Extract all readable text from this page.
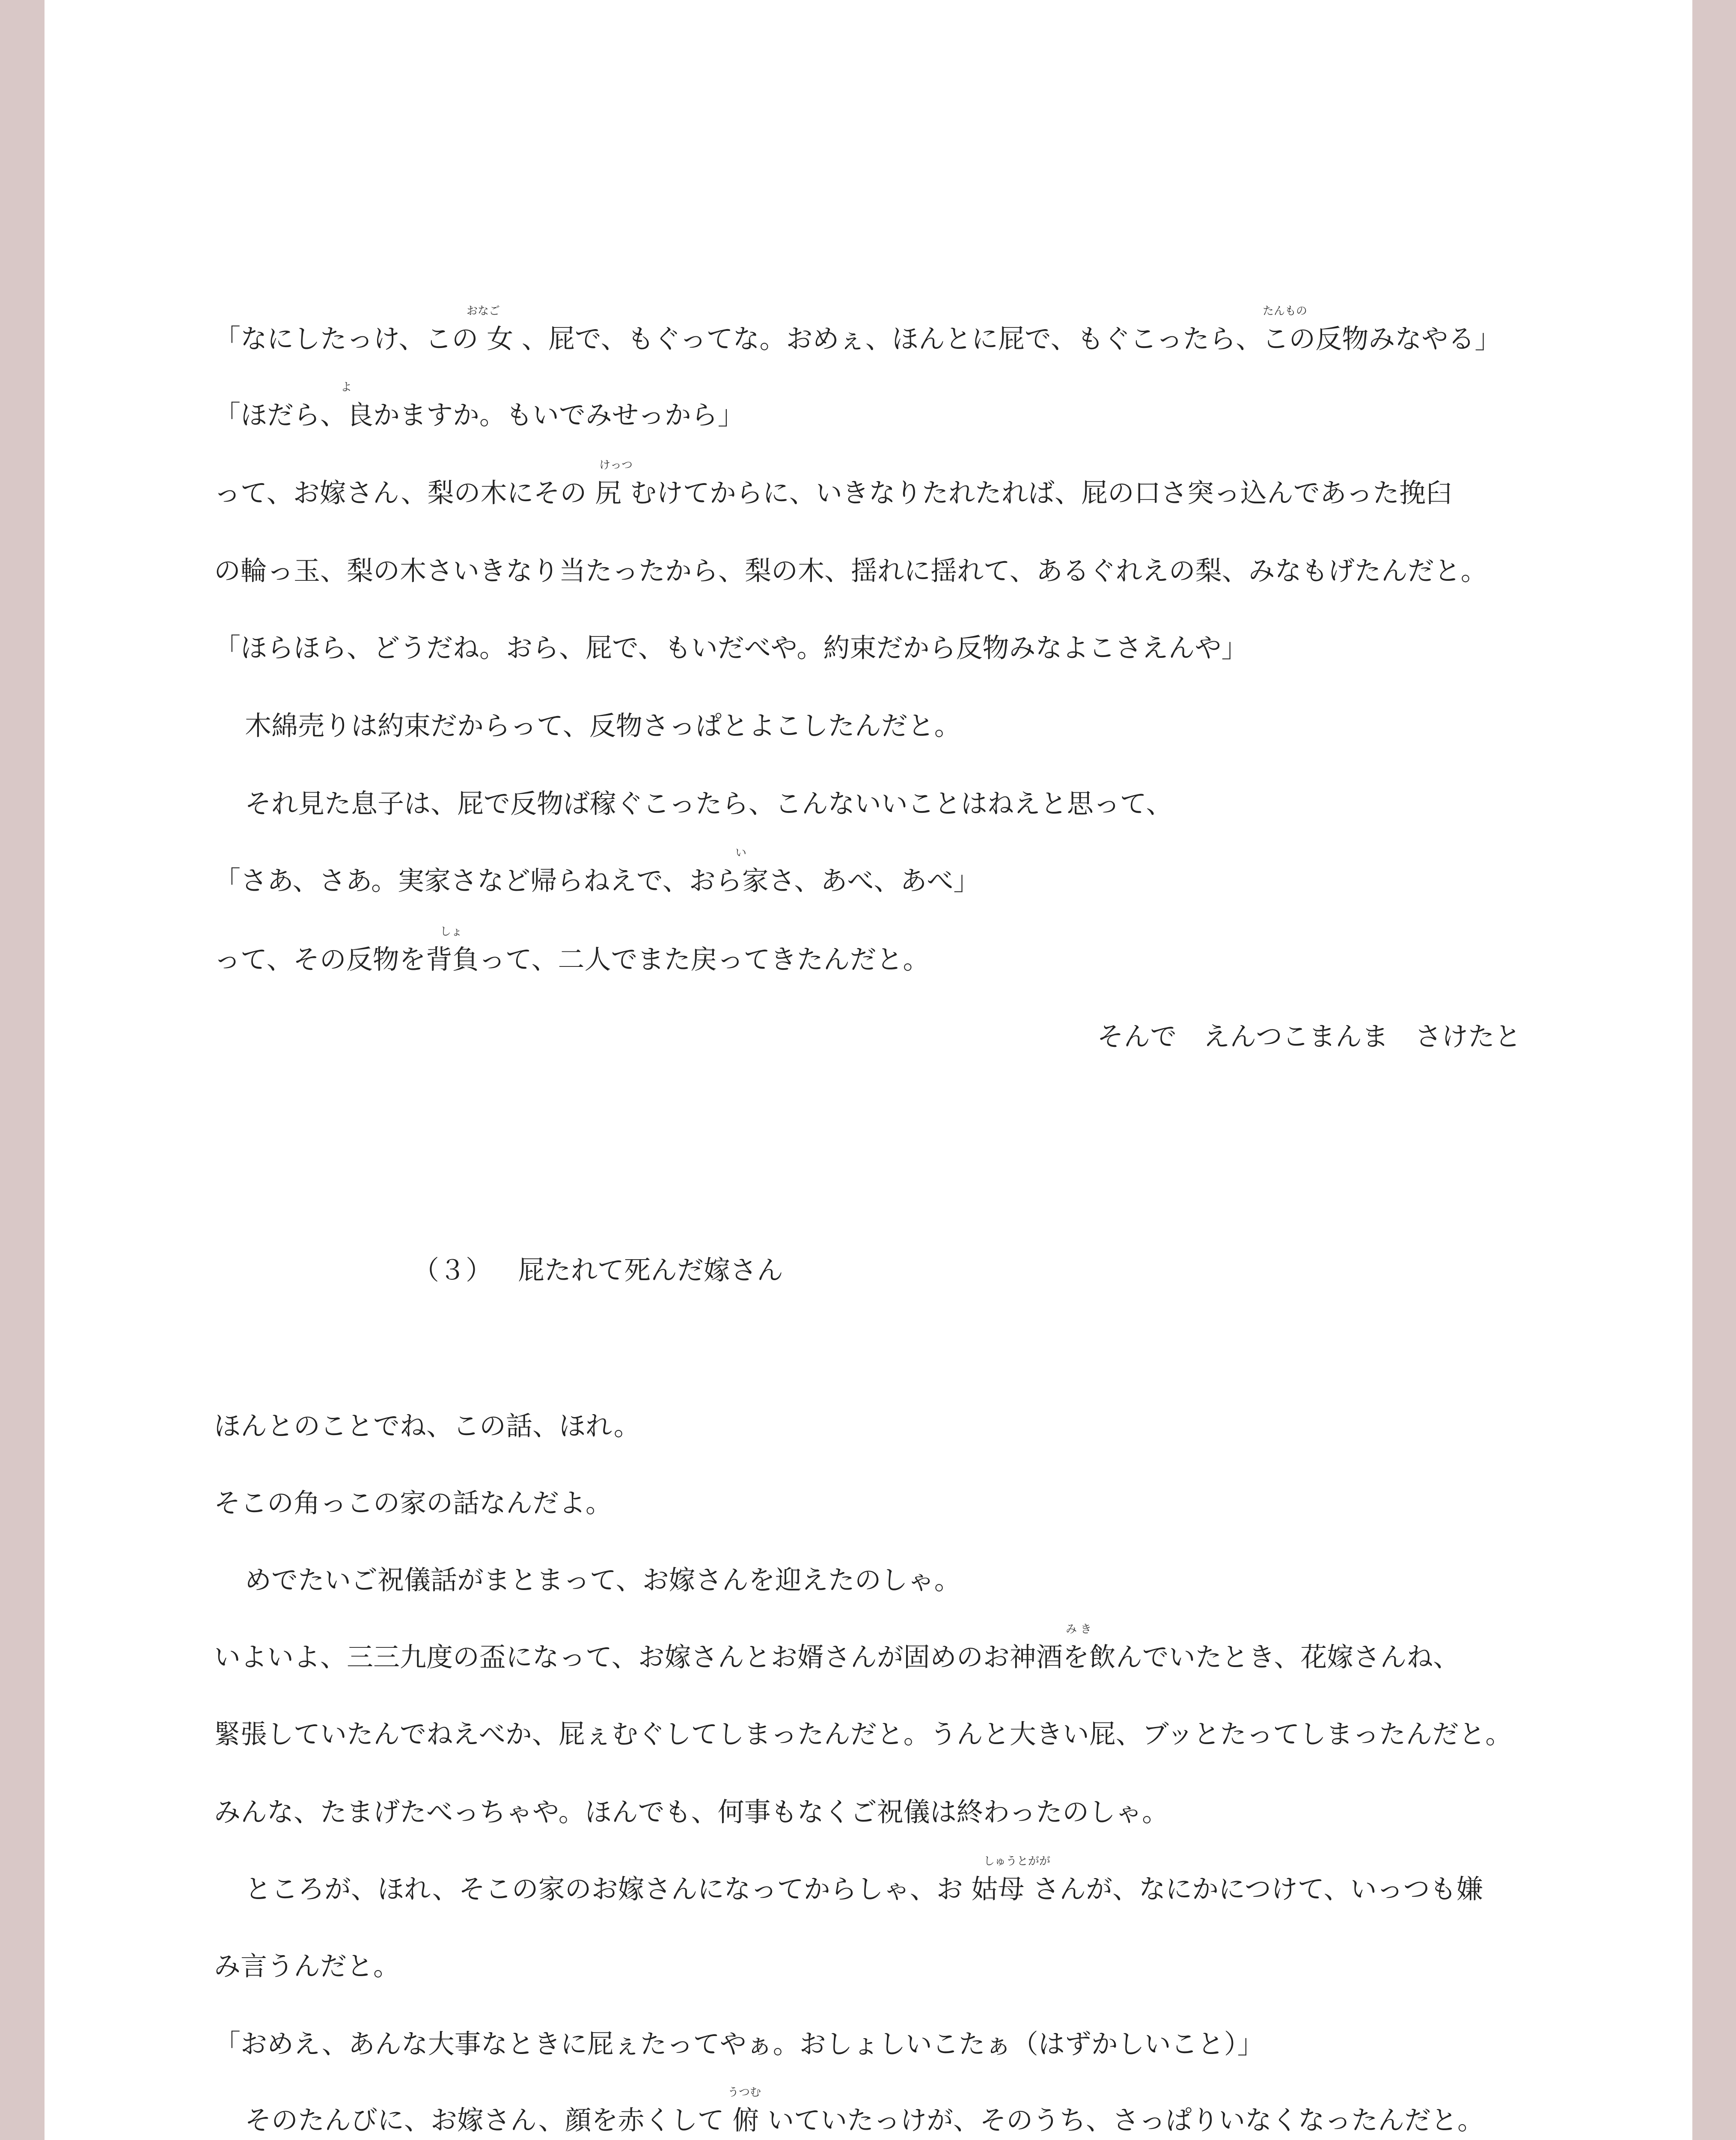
おなご	たんもの

「なにしたっけ、この 女 、屁で、もぐってな。おめぇ、ほんとに屁で、もぐこったら、この反物みなやる」

よ

「ほだら、良かますか。もいでみせっから」

けっつ

って、お嫁さん、梨の木にその 尻 むけてからに、いきなりたれたれば、屁の口さ突っ込んであった挽臼

の輪っ玉、梨の木さいきなり当たったから、梨の木、揺れに揺れて、あるぐれえの梨、みなもげたんだと。

「ほらほら、どうだね。おら、屁で、もいだべや。約束だから反物みなよこさえんや」

木綿売りは約束だからって、反物さっぱとよこしたんだと。

それ見た息子は、屁で反物ば稼ぐこったら、こんないいことはねえと思って、

い

「さあ、さあ。実家さなど帰らねえで、おら家さ、あべ、あべ」

しょ

って、その反物を背負って、二人でまた戻ってきたんだと。

そんで　えんつこまんま　さけたと

（３） 屁たれて死んだ嫁さん

ほんとのことでね、この話、ほれ。

そこの角っこの家の話なんだよ。

めでたいご祝儀話がまとまって、お嫁さんを迎えたのしゃ。

み き

いよいよ、三三九度の盃になって、お嫁さんとお婿さんが固めのお神酒を飲んでいたとき、花嫁さんね、

緊張していたんでねえべか、屁ぇむぐしてしまったんだと。うんと大きい屁、ブッとたってしまったんだと。

みんな、たまげたべっちゃや。ほんでも、何事もなくご祝儀は終わったのしゃ。

しゅうとがが

ところが、ほれ、そこの家のお嫁さんになってからしゃ、お 姑母 さんが、なにかにつけて、いっつも嫌

み言うんだと。

「おめえ、あんな大事なときに屁ぇたってやぁ。おしょしいこたぁ（はずかしいこと）」

うつむ

そのたんびに、お嫁さん、顔を赤くして 俯 いていたっけが、そのうち、さっぱりいなくなったんだと。
